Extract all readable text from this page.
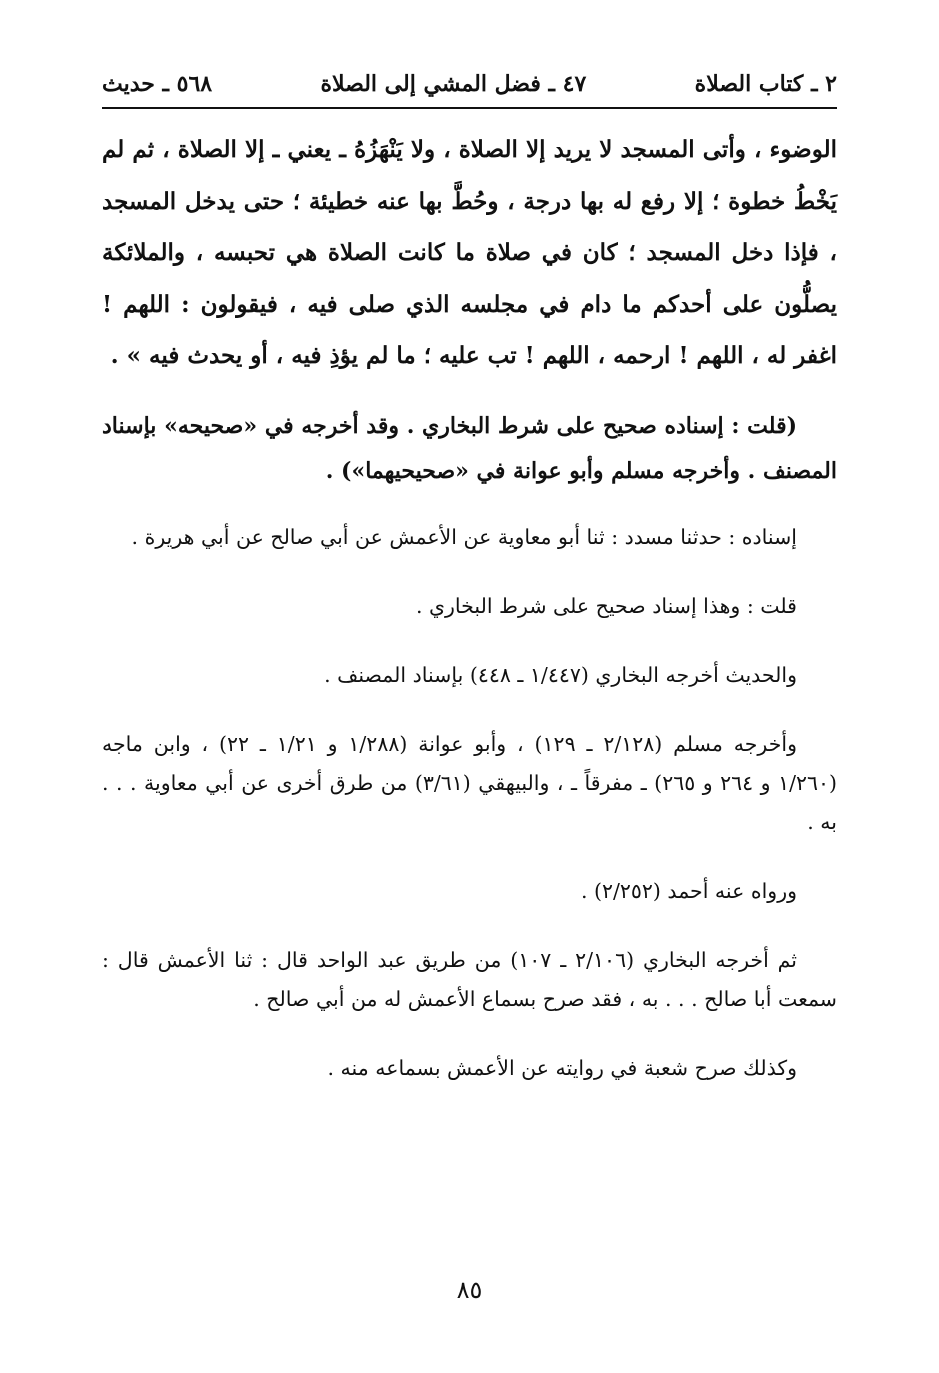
٢ ـ كتاب الصلاة
٤٧ ـ فضل المشي إلى الصلاة
٥٦٨ ـ حديث

الوضوء ، وأتى المسجد لا يريد إلا الصلاة ، ولا يَنْهَزُهُ ـ يعني ـ إلا الصلاة ، ثم لم يَخْطُ خطوة ؛ إلا رفع له بها درجة ، وحُطَّ بها عنه خطيئة ؛ حتى يدخل المسجد ، فإذا دخل المسجد ؛ كان في صلاة ما كانت الصلاة هي تحبسه ، والملائكة يصلُّون على أحدكم ما دام في مجلسه الذي صلى فيه ، فيقولون : اللهم ! اغفر له ، اللهم ! ارحمه ، اللهم ! تب عليه ؛ ما لم يؤذِ فيه ، أو يحدث فيه » .

(قلت : إسناده صحيح على شرط البخاري . وقد أخرجه في «صحيحه» بإسناد المصنف . وأخرجه مسلم وأبو عوانة في «صحيحيهما») .

إسناده : حدثنا مسدد : ثنا أبو معاوية عن الأعمش عن أبي صالح عن أبي هريرة .

قلت : وهذا إسناد صحيح على شرط البخاري .

والحديث أخرجه البخاري (١/٤٤٧ ـ ٤٤٨) بإسناد المصنف .

وأخرجه مسلم (٢/١٢٨ ـ ١٢٩) ، وأبو عوانة (١/٢٨٨ و ١/٢١ ـ ٢٢) ، وابن ماجه (١/٢٦٠ و ٢٦٤ و ٢٦٥) ـ مفرقاً ـ ، والبيهقي (٣/٦١) من طرق أخرى عن أبي معاوية . . . به .

ورواه عنه أحمد (٢/٢٥٢) .

ثم أخرجه البخاري (٢/١٠٦ ـ ١٠٧) من طريق عبد الواحد قال : ثنا الأعمش قال : سمعت أبا صالح . . . به ، فقد صرح بسماع الأعمش له من أبي صالح .

وكذلك صرح شعبة في روايته عن الأعمش بسماعه منه .

٨٥
